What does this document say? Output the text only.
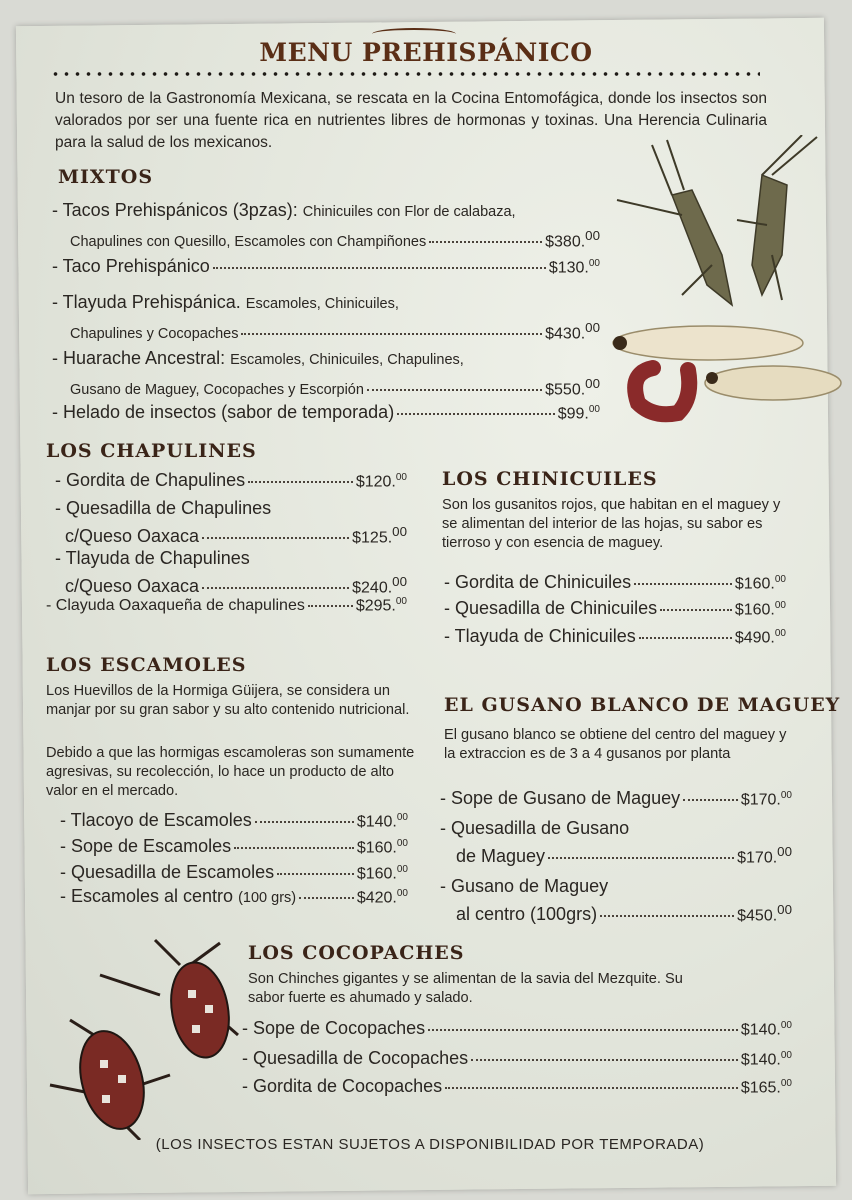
MENU PREHISPÁNICO
Un tesoro de la Gastronomía Mexicana, se rescata en la Cocina Entomofágica, donde los insectos son valorados por ser una fuente rica en nutrientes libres de hormonas y toxinas. Una Herencia Culinaria para la salud de los mexicanos.
MIXTOS
- Tacos Prehispánicos (3pzas): Chinicuiles con Flor de calabaza,
Chapulines con Quesillo, Escamoles con Champiñones	$380.00
- Taco Prehispánico	$130.00
- Tlayuda Prehispánica. Escamoles, Chinicuiles,
Chapulines y Cocopaches	$430.00
- Huarache Ancestral: Escamoles, Chinicuiles, Chapulines,
Gusano de Maguey, Cocopaches y Escorpión	$550.00
- Helado de insectos (sabor de temporada)	$99.00
LOS CHAPULINES
- Gordita de Chapulines	$120.00
- Quesadilla de Chapulines
c/Queso Oaxaca	$125.00
- Tlayuda de Chapulines
c/Queso Oaxaca	$240.00
- Clayuda Oaxaqueña de chapulines	$295.00
LOS CHINICUILES
Son los gusanitos rojos, que habitan en el maguey y se alimentan del interior de las hojas, su sabor es tierroso y con esencia de maguey.
- Gordita de Chinicuiles	$160.00
- Quesadilla de Chinicuiles	$160.00
- Tlayuda de Chinicuiles	$490.00
LOS ESCAMOLES
Los Huevillos de la Hormiga Güijera, se considera un manjar por su gran sabor y su alto contenido nutricional.
Debido a que las hormigas escamoleras son sumamente agresivas, su recolección, lo hace un producto de alto valor en el mercado.
- Tlacoyo de Escamoles	$140.00
- Sope de Escamoles	$160.00
- Quesadilla de Escamoles	$160.00
- Escamoles al centro (100 grs)	$420.00
EL GUSANO BLANCO DE MAGUEY
El gusano blanco se obtiene del centro del maguey y la extraccion es de 3 a 4 gusanos por planta
- Sope de Gusano de Maguey	$170.00
- Quesadilla de Gusano
de Maguey	$170.00
- Gusano de Maguey
al centro (100grs)	$450.00
LOS COCOPACHES
Son Chinches gigantes y se alimentan de la savia del Mezquite. Su sabor fuerte es ahumado y salado.
- Sope de Cocopaches	$140.00
- Quesadilla de Cocopaches	$140.00
- Gordita de Cocopaches	$165.00
(LOS INSECTOS ESTAN SUJETOS A DISPONIBILIDAD POR TEMPORADA)
